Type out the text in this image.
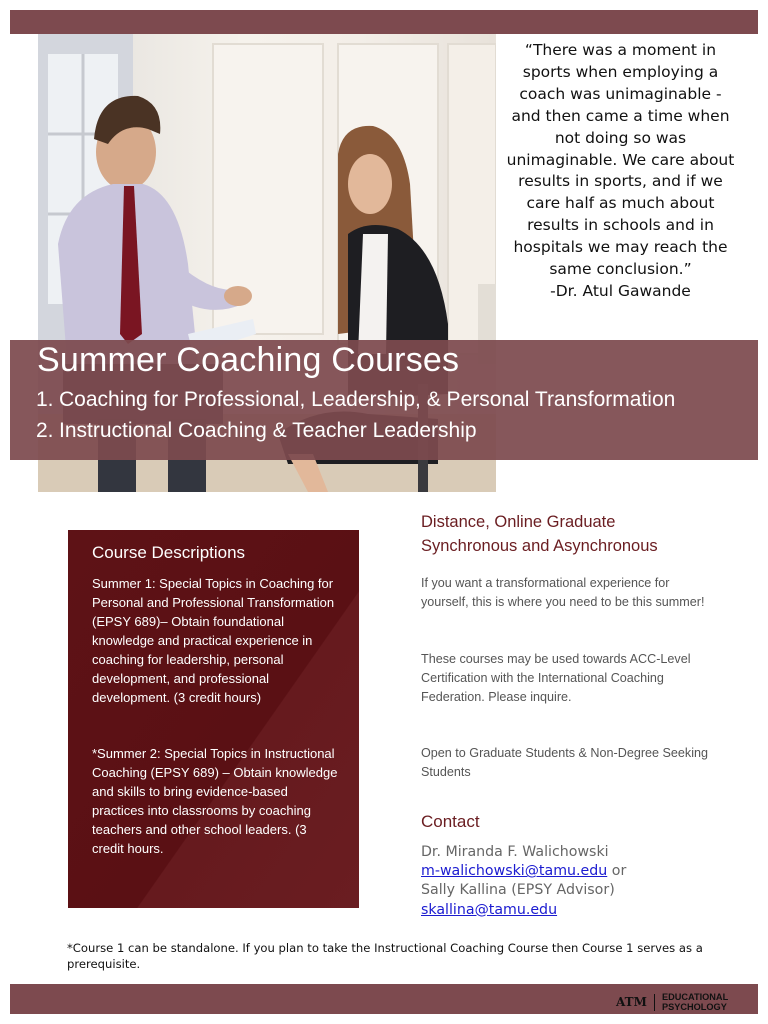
“There was a moment in sports when employing a coach was unimaginable - and then came a time when not doing so was unimaginable. We care about results in sports, and if we care half as much about results in schools and in hospitals we may reach the same conclusion.”
-Dr. Atul Gawande
Summer Coaching Courses
1. Coaching for Professional, Leadership, & Personal Transformation
2. Instructional Coaching & Teacher Leadership
Course Descriptions

Summer 1: Special Topics in Coaching for Personal and Professional Transformation (EPSY 689)– Obtain foundational knowledge and practical experience in coaching for leadership, personal development, and professional development. (3 credit hours)

*Summer 2: Special Topics in Instructional Coaching (EPSY 689) – Obtain knowledge and skills to bring evidence-based practices into classrooms by coaching teachers and other school leaders. (3 credit hours.

Distance, Online Graduate
Synchronous and Asynchronous

If you want a transformational experience for yourself, this is where you need to be this summer!

These courses may be used towards ACC-Level Certification with the International Coaching Federation. Please inquire.

Open to Graduate Students & Non-Degree Seeking Students

Contact
Dr. Miranda F. Walichowski
m-walichowski@tamu.edu or
Sally Kallina (EPSY Advisor)
skallina@tamu.edu

*Course 1 can be standalone. If you plan to take the Instructional Coaching Course then Course 1 serves as a prerequisite.

ATM EDUCATIONAL
PSYCHOLOGY
